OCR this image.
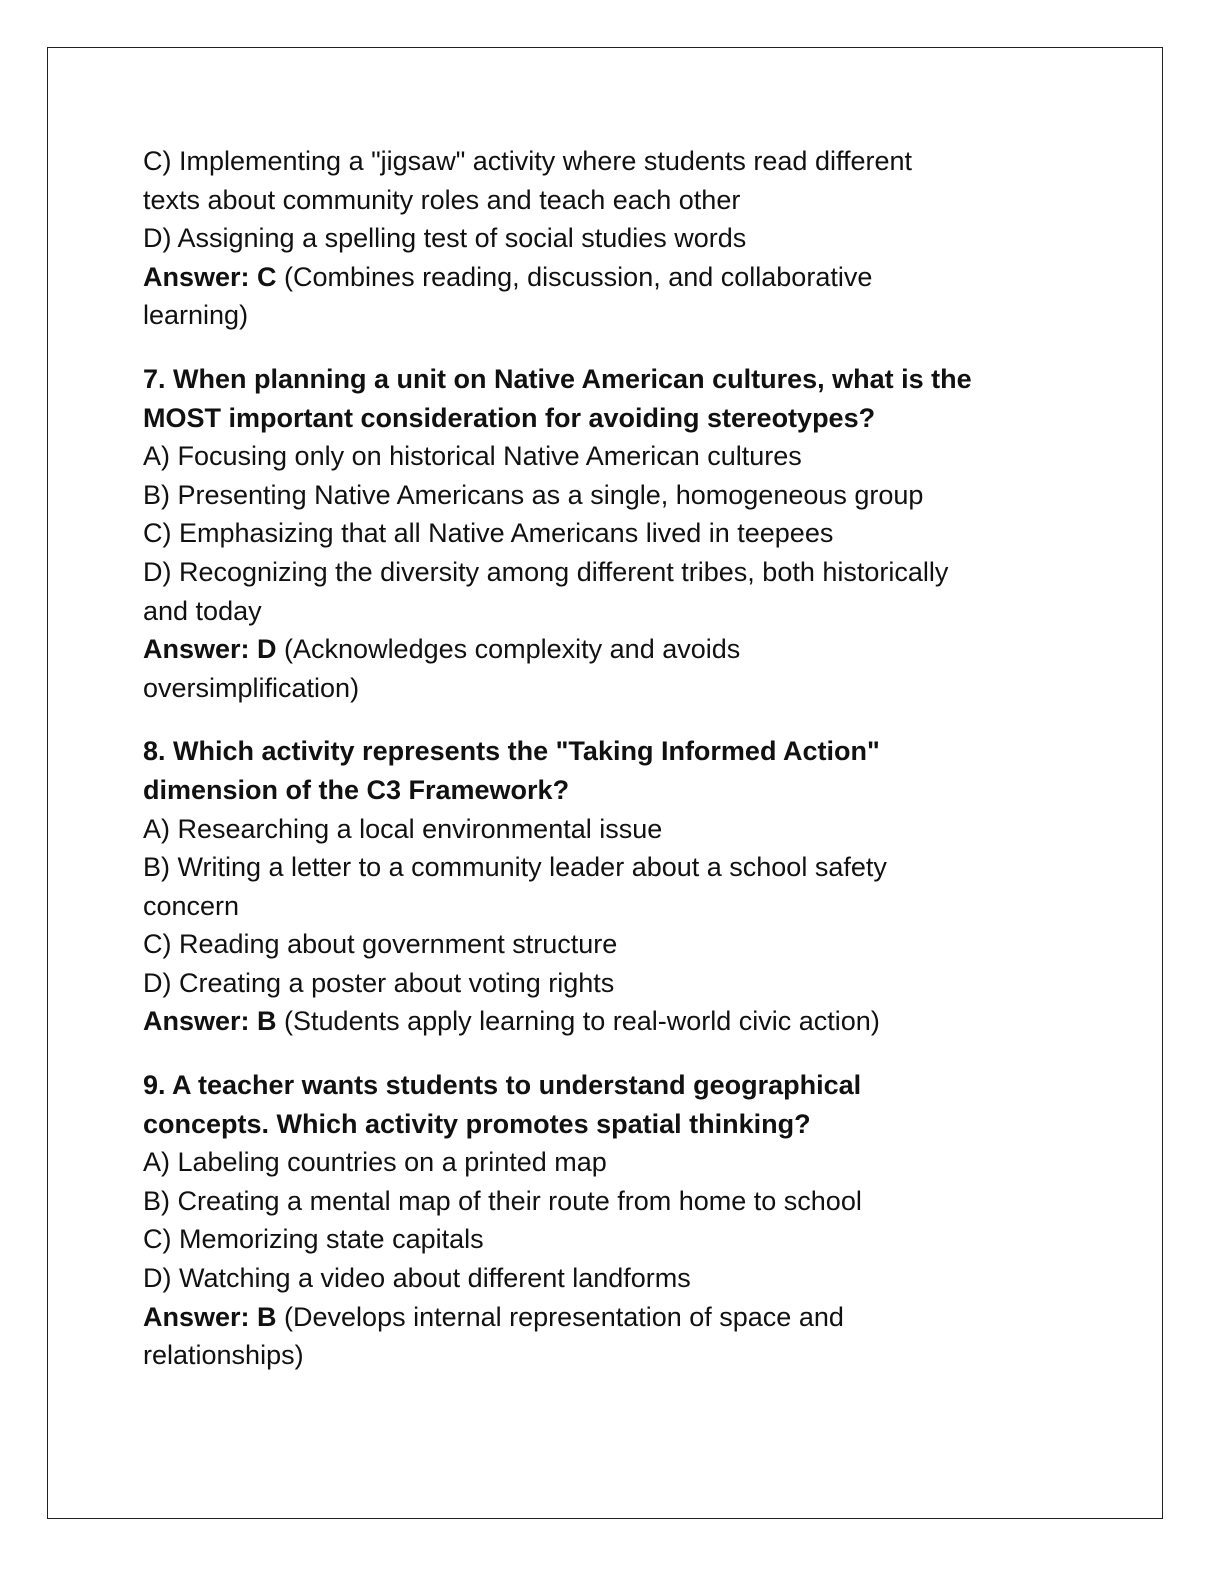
C) Implementing a "jigsaw" activity where students read different
texts about community roles and teach each other
D) Assigning a spelling test of social studies words
Answer: C (Combines reading, discussion, and collaborative
learning)
7. When planning a unit on Native American cultures, what is the
MOST important consideration for avoiding stereotypes?
A) Focusing only on historical Native American cultures
B) Presenting Native Americans as a single, homogeneous group
C) Emphasizing that all Native Americans lived in teepees
D) Recognizing the diversity among different tribes, both historically
and today
Answer: D (Acknowledges complexity and avoids
oversimplification)
8. Which activity represents the "Taking Informed Action"
dimension of the C3 Framework?
A) Researching a local environmental issue
B) Writing a letter to a community leader about a school safety
concern
C) Reading about government structure
D) Creating a poster about voting rights
Answer: B (Students apply learning to real-world civic action)
9. A teacher wants students to understand geographical
concepts. Which activity promotes spatial thinking?
A) Labeling countries on a printed map
B) Creating a mental map of their route from home to school
C) Memorizing state capitals
D) Watching a video about different landforms
Answer: B (Develops internal representation of space and
relationships)
